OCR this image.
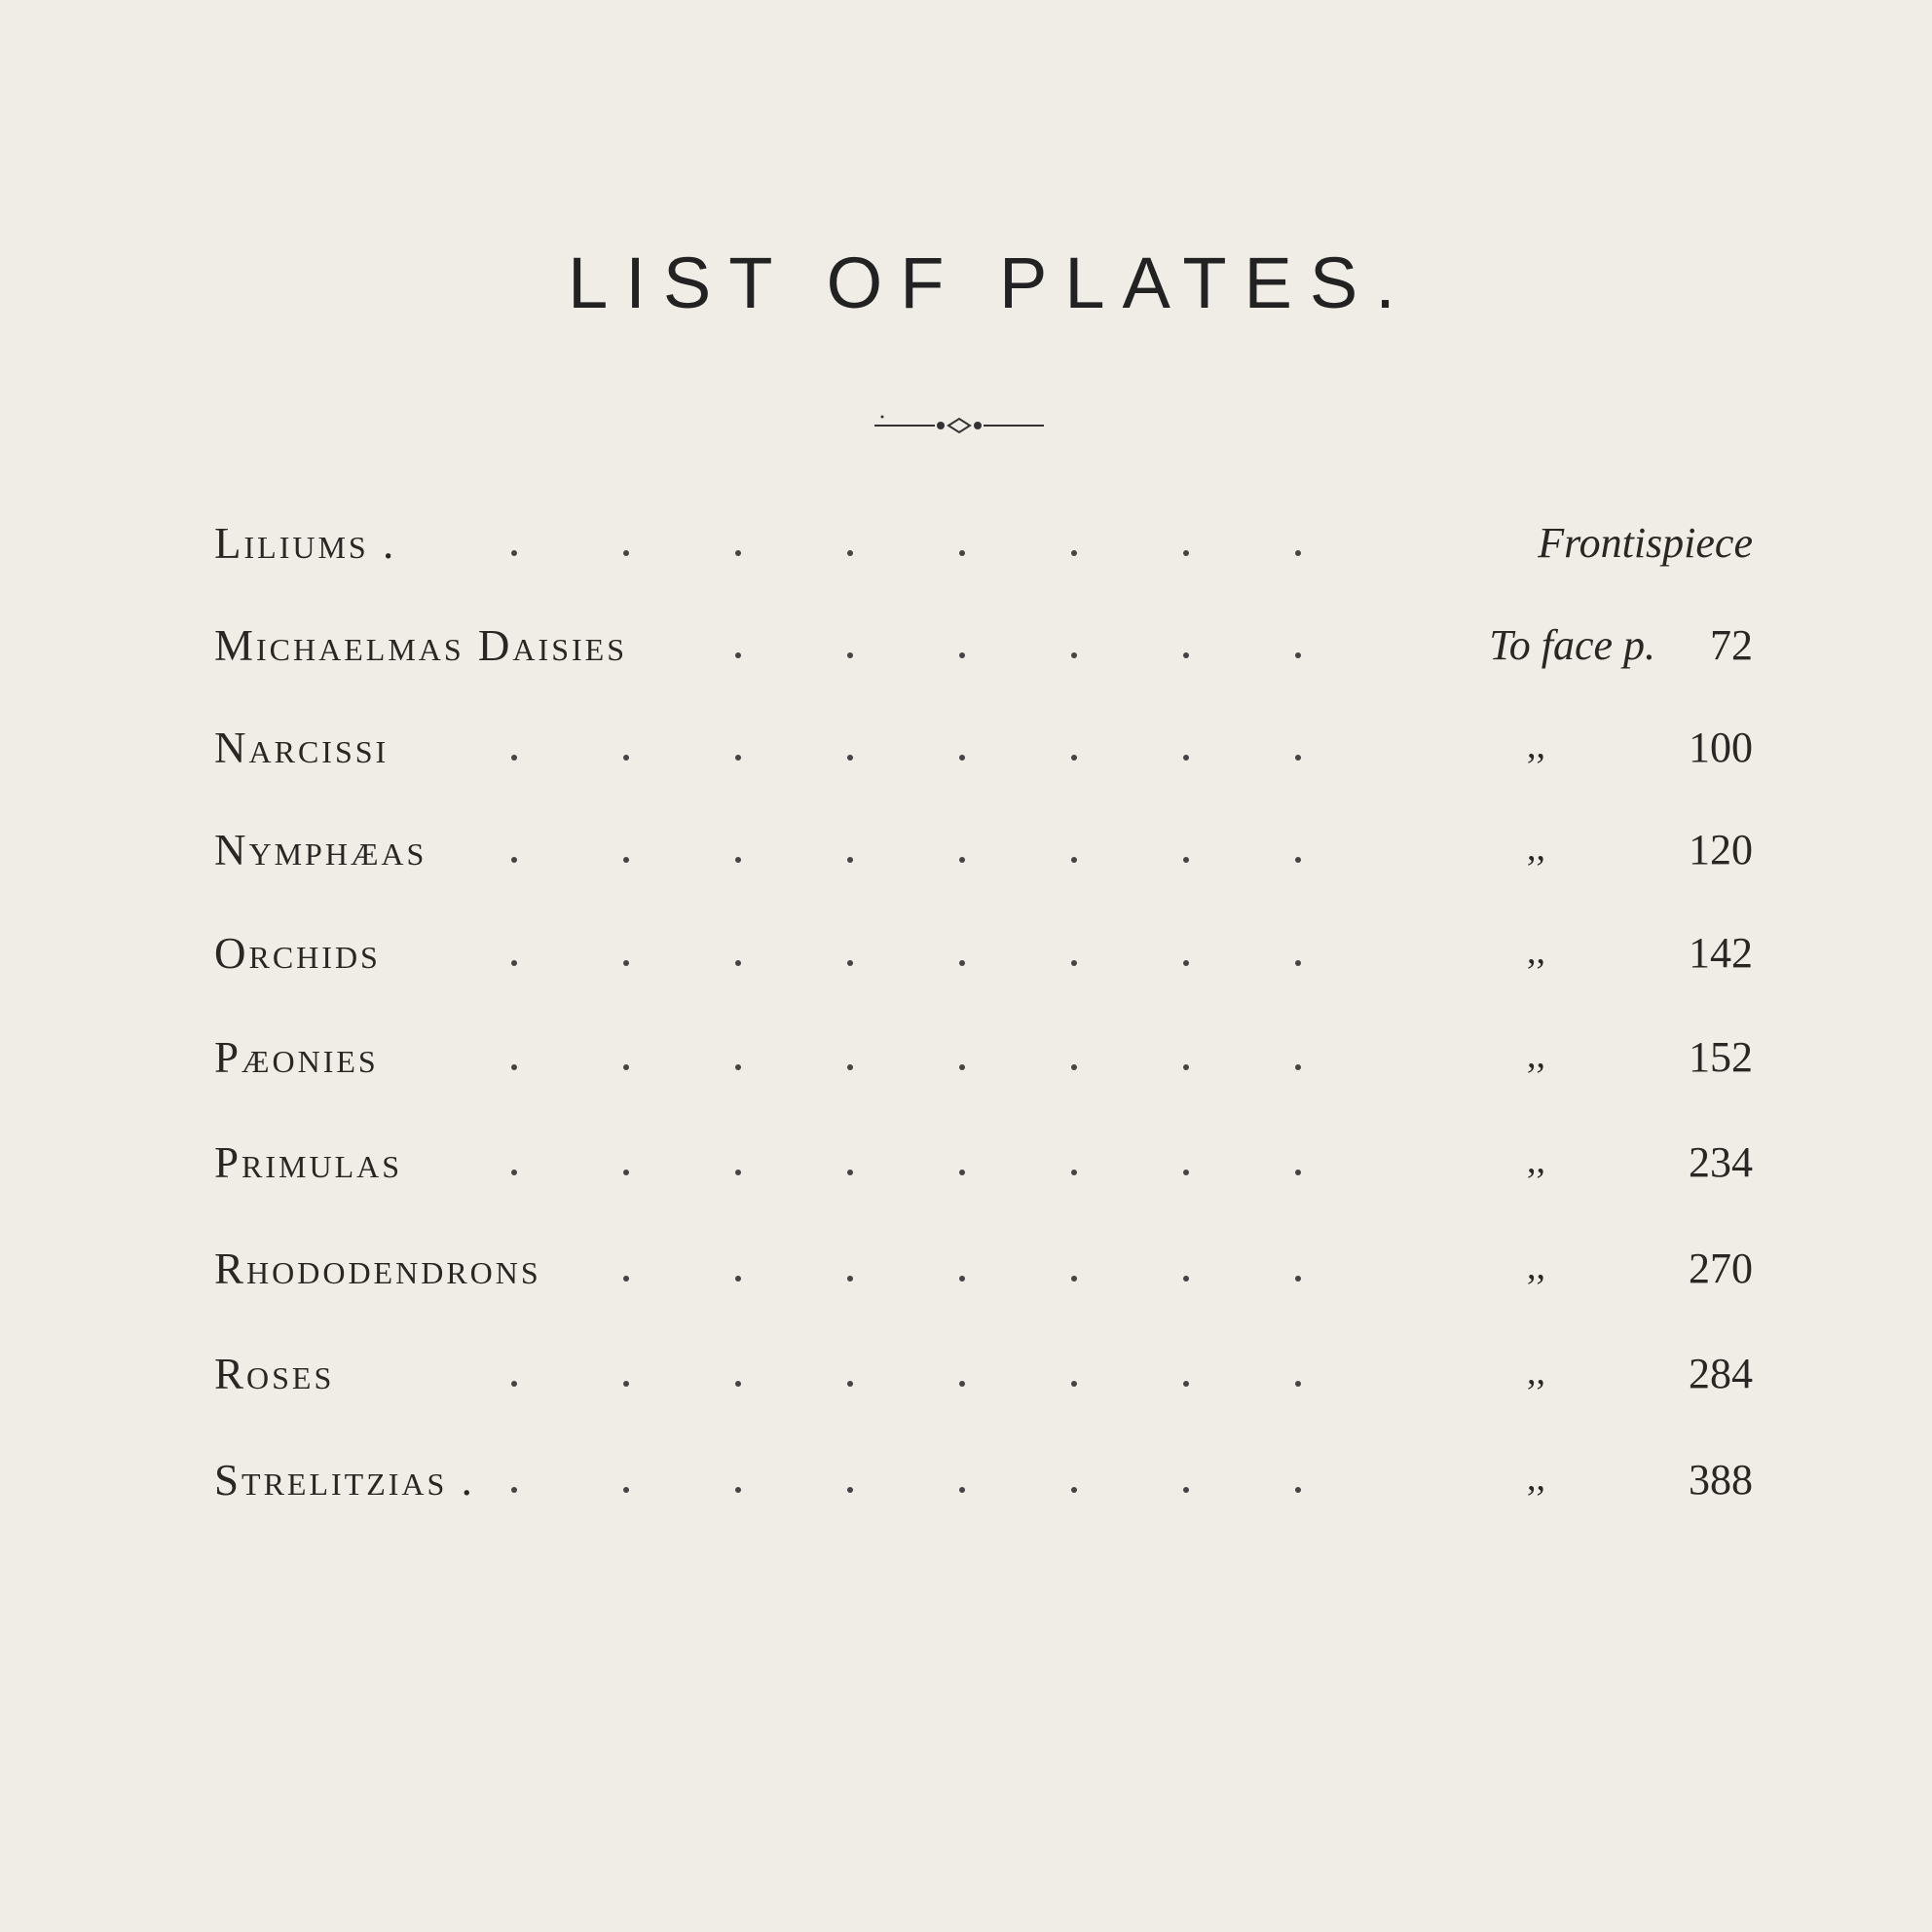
LIST OF PLATES.
Liliums .	Frontispiece
Michaelmas Daisies	To face p. 72
Narcissi	,,	100
Nymphæas	,,	120
Orchids	,,	142
Pæonies	,,	152
Primulas	,,	234
Rhododendrons	,,	270
Roses	,,	284
Strelitzias .	,,	388
